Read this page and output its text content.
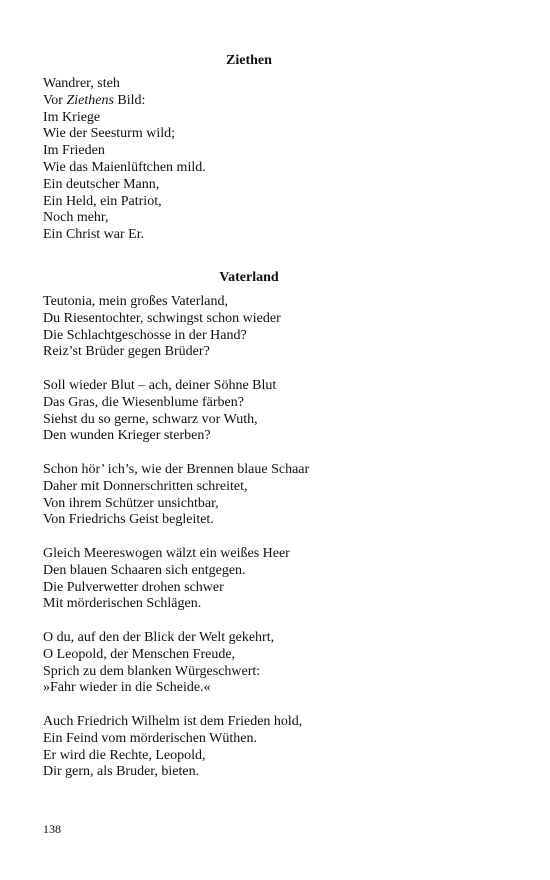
Ziethen
Wandrer, steh
Vor Ziethens Bild:
Im Kriege
Wie der Seesturm wild;
Im Frieden
Wie das Maienlüftchen mild.
Ein deutscher Mann,
Ein Held, ein Patriot,
Noch mehr,
Ein Christ war Er.
Vaterland
Teutonia, mein großes Vaterland,
Du Riesentochter, schwingst schon wieder
Die Schlachtgeschosse in der Hand?
Reiz’st Brüder gegen Brüder?
Soll wieder Blut – ach, deiner Söhne Blut
Das Gras, die Wiesenblume färben?
Siehst du so gerne, schwarz vor Wuth,
Den wunden Krieger sterben?
Schon hör’ ich’s, wie der Brennen blaue Schaar
Daher mit Donnerschritten schreitet,
Von ihrem Schützer unsichtbar,
Von Friedrichs Geist begleitet.
Gleich Meereswogen wälzt ein weißes Heer
Den blauen Schaaren sich entgegen.
Die Pulverwetter drohen schwer
Mit mörderischen Schlägen.
O du, auf den der Blick der Welt gekehrt,
O Leopold, der Menschen Freude,
Sprich zu dem blanken Würgeschwert:
»Fahr wieder in die Scheide.«
Auch Friedrich Wilhelm ist dem Frieden hold,
Ein Feind vom mörderischen Wüthen.
Er wird die Rechte, Leopold,
Dir gern, als Bruder, bieten.
138
